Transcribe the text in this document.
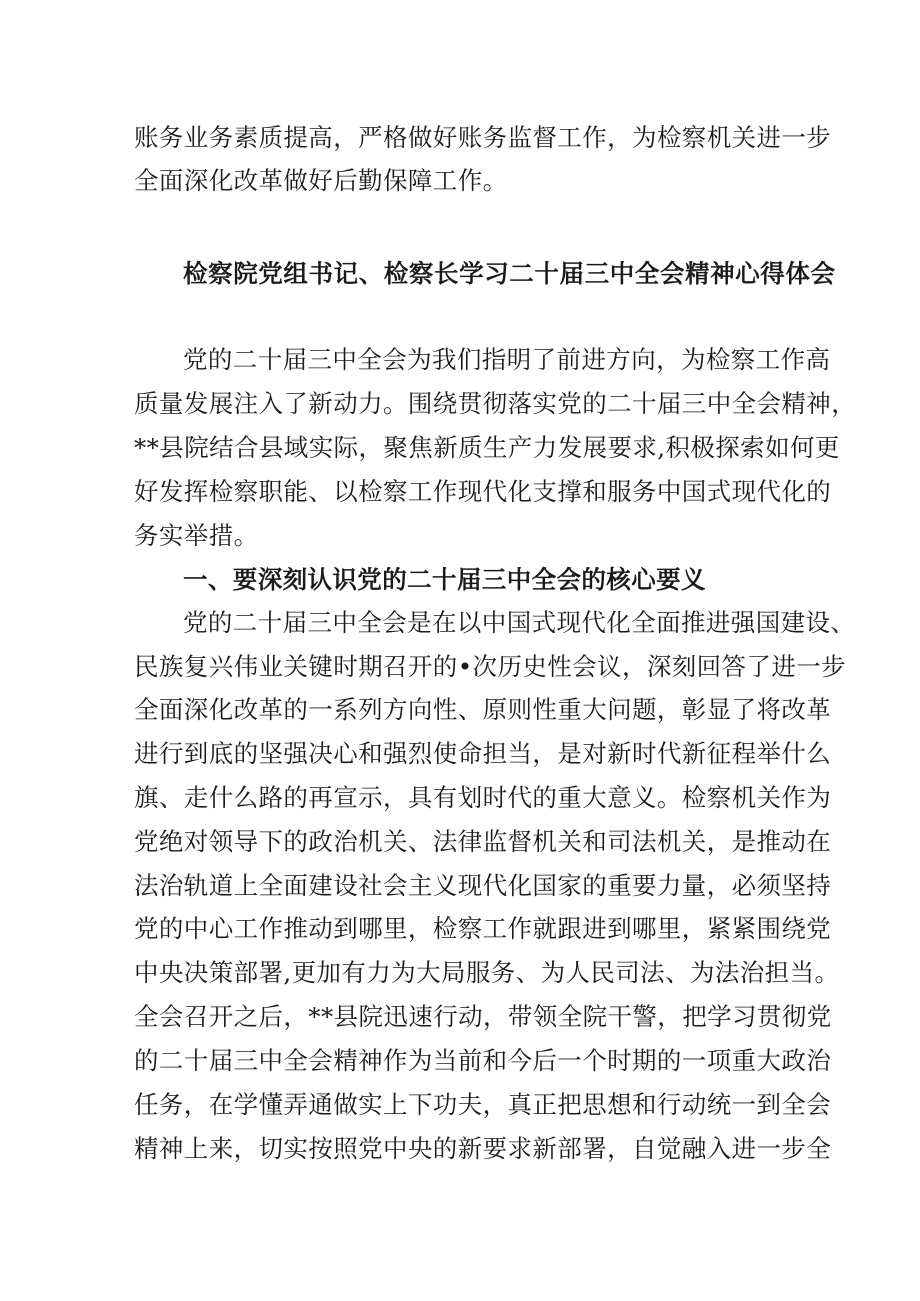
账务业务素质提高，严格做好账务监督工作，为检察机关进一步

全面深化改革做好后勤保障工作。

检察院党组书记、检察长学习二十届三中全会精神心得体会

党的二十届三中全会为我们指明了前进方向，为检察工作高

质量发展注入了新动力。围绕贯彻落实党的二十届三中全会精神，

**县院结合县域实际，聚焦新质生产力发展要求,积极探索如何更

好发挥检察职能、以检察工作现代化支撑和服务中国式现代化的

务实举措。

一、要深刻认识党的二十届三中全会的核心要义

党的二十届三中全会是在以中国式现代化全面推进强国建设、

民族复兴伟业关键时期召开的•次历史性会议，深刻回答了进一步

全面深化改革的一系列方向性、原则性重大问题，彰显了将改革

进行到底的坚强决心和强烈使命担当，是对新时代新征程举什么

旗、走什么路的再宣示，具有划时代的重大意义。检察机关作为

党绝对领导下的政治机关、法律监督机关和司法机关，是推动在

法治轨道上全面建设社会主义现代化国家的重要力量，必须坚持

党的中心工作推动到哪里，检察工作就跟进到哪里，紧紧围绕党

中央决策部署,更加有力为大局服务、为人民司法、为法治担当。

全会召开之后，**县院迅速行动，带领全院干警，把学习贯彻党

的二十届三中全会精神作为当前和今后一个时期的一项重大政治

任务，在学懂弄通做实上下功夫，真正把思想和行动统一到全会

精神上来，切实按照党中央的新要求新部署，自觉融入进一步全
